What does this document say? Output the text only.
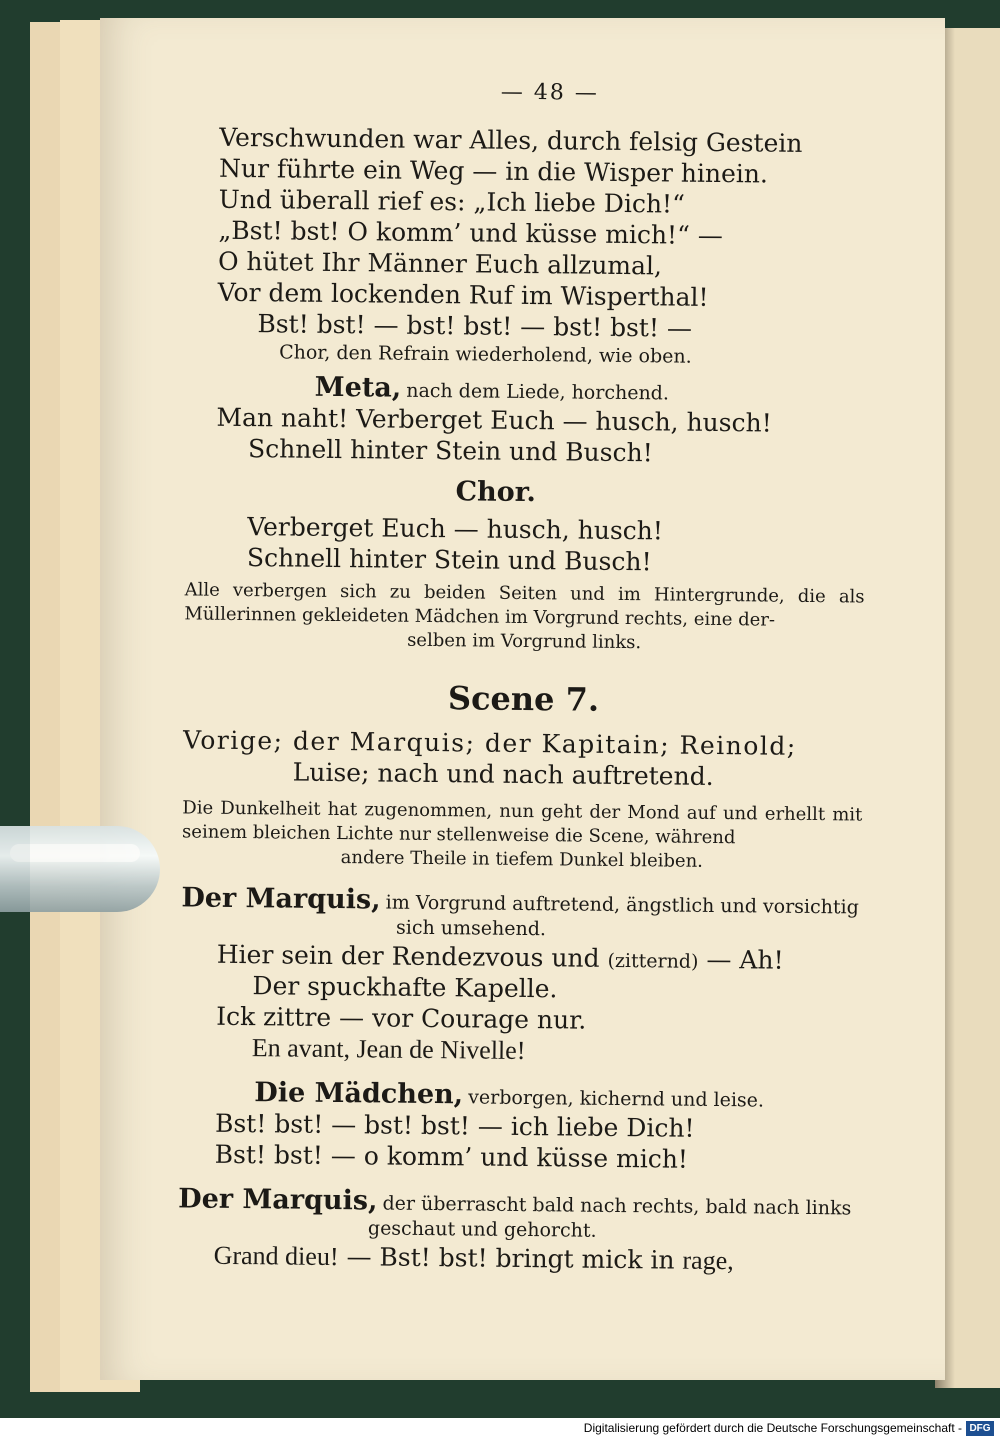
— 48 —

Verschwunden war Alles, durch felsig Gestein

Nur führte ein Weg — in die Wisper hinein.

Und überall rief es: „Ich liebe Dich!“

„Bst! bst! O komm’ und küsse mich!“ —

O hütet Ihr Männer Euch allzumal,

Vor dem lockenden Ruf im Wisperthal!

Bst! bst! — bst! bst! — bst! bst! —

Chor, den Refrain wiederholend, wie oben.

Meta, nach dem Liede, horchend.

Man naht! Verberget Euch — husch, husch!

Schnell hinter Stein und Busch!

Chor.

Verberget Euch — husch, husch!

Schnell hinter Stein und Busch!

Alle verbergen sich zu beiden Seiten und im Hintergrunde, die als Müllerinnen gekleideten Mädchen im Vorgrund rechts, eine der-
selben im Vorgrund links.

Scene 7.

Vorige; der Marquis; der Kapitain; Reinold;

Luise; nach und nach auftretend.

Die Dunkelheit hat zugenommen, nun geht der Mond auf und erhellt mit seinem bleichen Lichte nur stellenweise die Scene, während
andere Theile in tiefem Dunkel bleiben.

Der Marquis, im Vorgrund auftretend, ängstlich und vorsichtig

sich umsehend.

Hier sein der Rendezvous und (zitternd) — Ah!

Der spuckhafte Kapelle.

Ick zittre — vor Courage nur.

En avant, Jean de Nivelle!

Die Mädchen, verborgen, kichernd und leise.

Bst! bst! — bst! bst! — ich liebe Dich!

Bst! bst! — o komm’ und küsse mich!

Der Marquis, der überrascht bald nach rechts, bald nach links

geschaut und gehorcht.

Grand dieu! — Bst! bst! bringt mick in rage,

Digitalisierung gefördert durch die Deutsche Forschungsgemeinschaft - DFG
